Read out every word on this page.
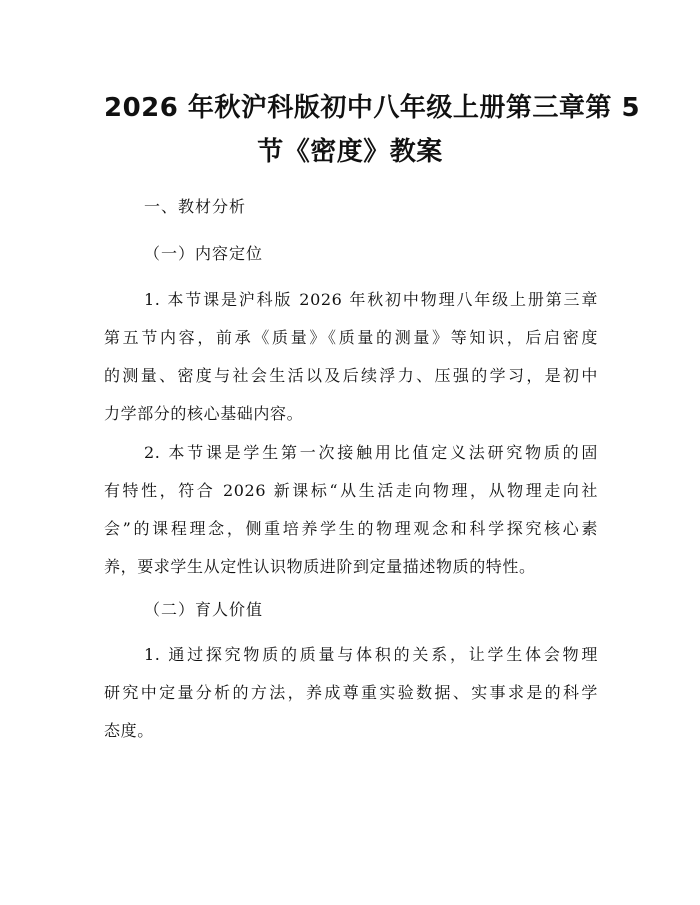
2026 年秋沪科版初中八年级上册第三章第 5
节《密度》教案
一、教材分析
（一）内容定位
1. 本节课是沪科版 2026 年秋初中物理八年级上册第三章
第五节内容，前承《质量》《质量的测量》等知识，后启密度
的测量、密度与社会生活以及后续浮力、压强的学习，是初中
力学部分的核心基础内容。
2. 本节课是学生第一次接触用比值定义法研究物质的固
有特性，符合 2026 新课标“从生活走向物理，从物理走向社
会”的课程理念，侧重培养学生的物理观念和科学探究核心素
养，要求学生从定性认识物质进阶到定量描述物质的特性。
（二）育人价值
1. 通过探究物质的质量与体积的关系，让学生体会物理
研究中定量分析的方法，养成尊重实验数据、实事求是的科学
态度。
